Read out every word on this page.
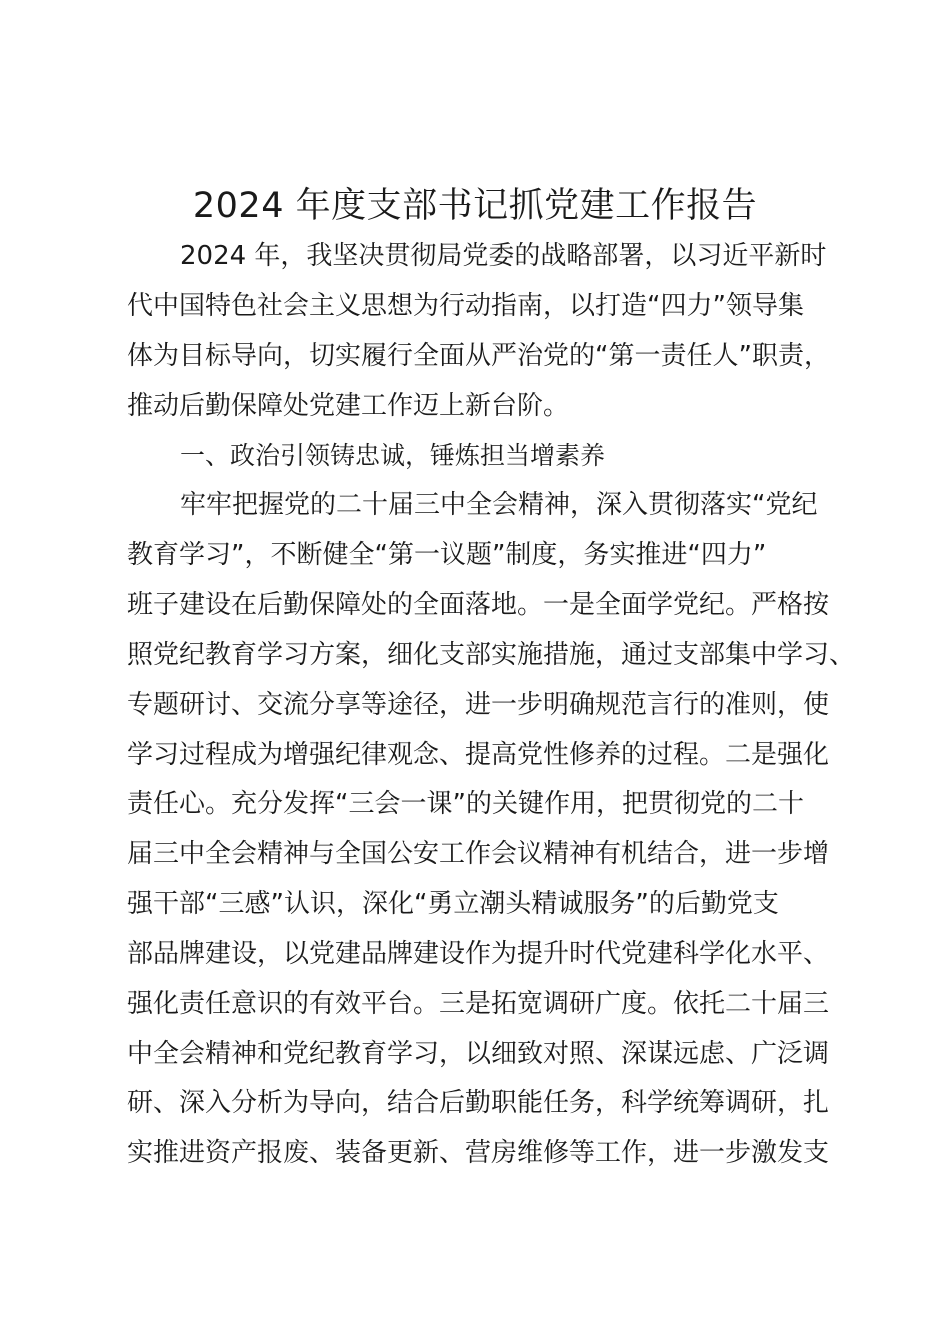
2024 年度支部书记抓党建工作报告
2024 年，我坚决贯彻局党委的战略部署，以习近平新时
代中国特色社会主义思想为行动指南，以打造“四力”领导集
体为目标导向，切实履行全面从严治党的“第一责任人”职责，
推动后勤保障处党建工作迈上新台阶。
一、政治引领铸忠诚，锤炼担当增素养
牢牢把握党的二十届三中全会精神，深入贯彻落实“党纪
教育学习”，不断健全“第一议题”制度，务实推进“四力”
班子建设在后勤保障处的全面落地。一是全面学党纪。严格按
照党纪教育学习方案，细化支部实施措施，通过支部集中学习、
专题研讨、交流分享等途径，进一步明确规范言行的准则，使
学习过程成为增强纪律观念、提高党性修养的过程。二是强化
责任心。充分发挥“三会一课”的关键作用，把贯彻党的二十
届三中全会精神与全国公安工作会议精神有机结合，进一步增
强干部“三感”认识，深化“勇立潮头精诚服务”的后勤党支
部品牌建设，以党建品牌建设作为提升时代党建科学化水平、
强化责任意识的有效平台。三是拓宽调研广度。依托二十届三
中全会精神和党纪教育学习，以细致对照、深谋远虑、广泛调
研、深入分析为导向，结合后勤职能任务，科学统筹调研，扎
实推进资产报废、装备更新、营房维修等工作，进一步激发支
